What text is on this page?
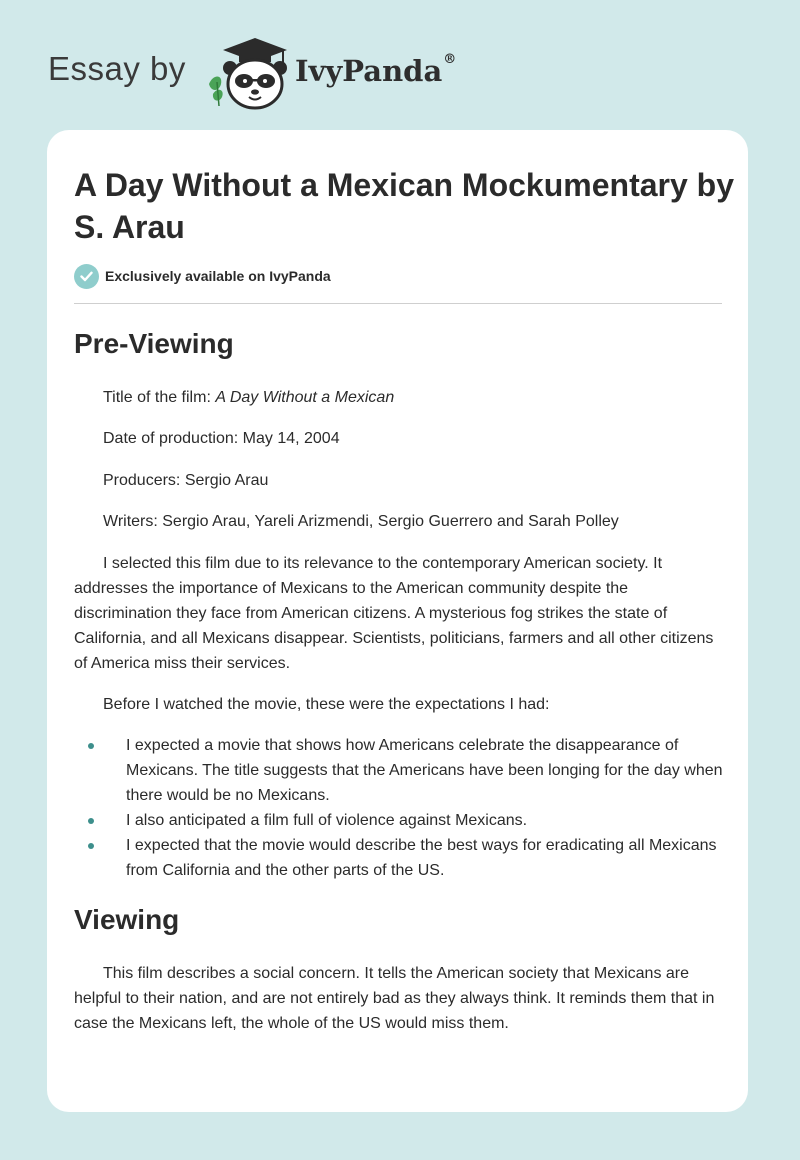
Essay by	IvyPanda®
A Day Without a Mexican Mockumentary by S. Arau
Exclusively available on IvyPanda
Pre-Viewing

Title of the film: A Day Without a Mexican

Date of production: May 14, 2004

Producers: Sergio Arau

Writers: Sergio Arau, Yareli Arizmendi, Sergio Guerrero and Sarah Polley

I selected this film due to its relevance to the contemporary American society. It addresses the importance of Mexicans to the American community despite the discrimination they face from American citizens. A mysterious fog strikes the state of California, and all Mexicans disappear. Scientists, politicians, farmers and all other citizens of America miss their services.

Before I watched the movie, these were the expectations I had:

I expected a movie that shows how Americans celebrate the disappearance of Mexicans. The title suggests that the Americans have been longing for the day when there would be no Mexicans.
I also anticipated a film full of violence against Mexicans.
I expected that the movie would describe the best ways for eradicating all Mexicans from California and the other parts of the US.
Viewing

This film describes a social concern. It tells the American society that Mexicans are helpful to their nation, and are not entirely bad as they always think. It reminds them that in case the Mexicans left, the whole of the US would miss them.
